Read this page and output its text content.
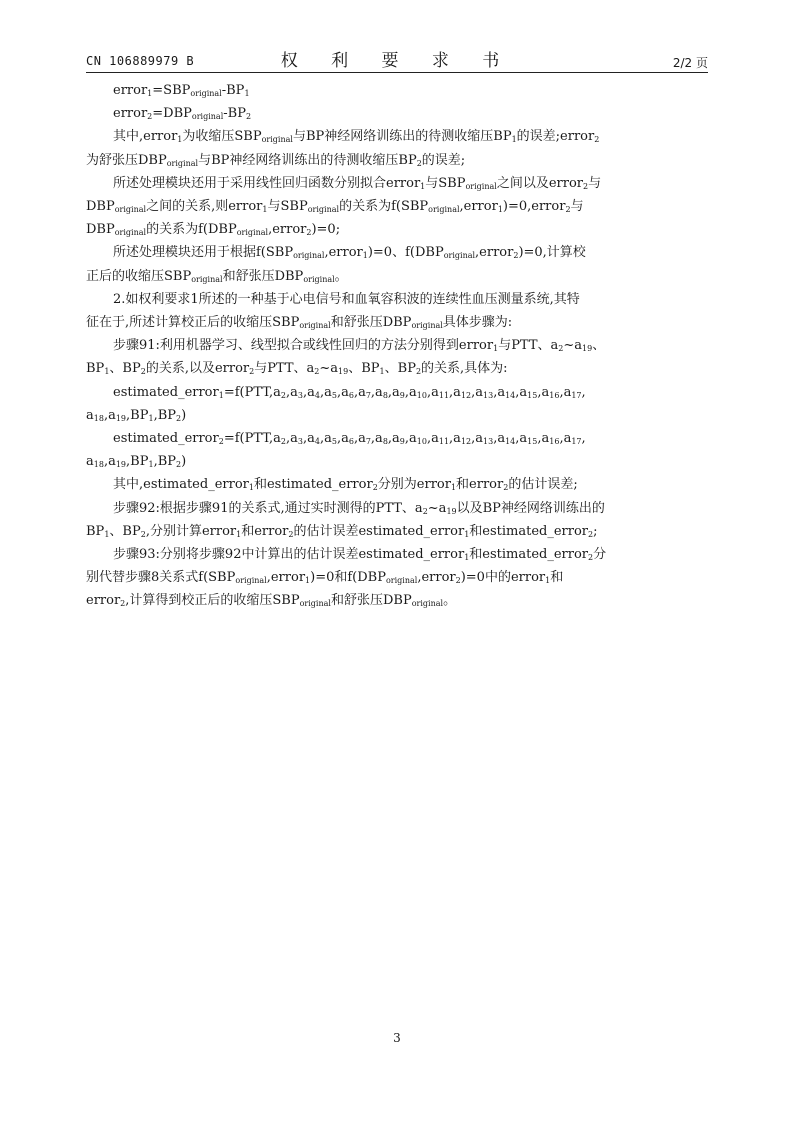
CN 106889979 B	权 利 要 求 书	2/2 页

$error_1=SBP_{original}-BP_1$

$error_2=DBP_{original}-BP_2$

其中,error$_1$为收缩压$SBP_{original}$与BP神经网络训练出的待测收缩压$BP_1$的误差;error$_2$

为舒张压$DBP_{original}$与BP神经网络训练出的待测收缩压$BP_2$的误差;

所述处理模块还用于采用线性回归函数分别拟合error$_1$与$SBP_{original}$之间以及error$_2$与

$DBP_{original}$之间的关系,则error$_1$与$SBP_{original}$的关系为$f(SBP_{original},error_1)=0,error_2$与

$DBP_{original}$的关系为$f(DBP_{original},error_2)=0$;

所述处理模块还用于根据$f(SBP_{original},error_1)=0$、$f(DBP_{original},error_2)=0$,计算校

正后的收缩压$SBP_{original}$和舒张压$DBP_{original}$。

2.如权利要求1所述的一种基于心电信号和血氧容积波的连续性血压测量系统,其特

征在于,所述计算校正后的收缩压$SBP_{original}$和舒张压$DBP_{original}$具体步骤为:

步骤91:利用机器学习、线型拟合或线性回归的方法分别得到error$_1$与PTT、$a_2\sim a_{19}$、

$BP_1$、$BP_2$的关系,以及error$_2$与PTT、$a_2\sim a_{19}$、$BP_1$、$BP_2$的关系,具体为:

$estimated\_error_1=f(PTT,a_2,a_3,a_4,a_5,a_6,a_7,a_8,a_9,a_{10},a_{11},a_{12},a_{13},a_{14},a_{15},a_{16},a_{17}$,

$a_{18},a_{19},BP_1,BP_2$)

$estimated\_error_2=f(PTT,a_2,a_3,a_4,a_5,a_6,a_7,a_8,a_9,a_{10},a_{11},a_{12},a_{13},a_{14},a_{15},a_{16},a_{17}$,

$a_{18},a_{19},BP_1,BP_2$)

其中,estimated_error$_1$和estimated_error$_2$分别为error$_1$和error$_2$的估计误差;

步骤92:根据步骤91的关系式,通过实时测得的PTT、$a_2\sim a_{19}$以及BP神经网络训练出的

$BP_1$、$BP_2$,分别计算error$_1$和error$_2$的估计误差estimated_error$_1$和estimated_error$_2$;

步骤93:分别将步骤92中计算出的估计误差estimated_error$_1$和estimated_error$_2$分

别代替步骤8关系式$f(SBP_{original},error_1)=0$和$f(DBP_{original},error_2)=0$中的error$_1$和

error$_2$,计算得到校正后的收缩压$SBP_{original}$和舒张压$DBP_{original}$。

3
